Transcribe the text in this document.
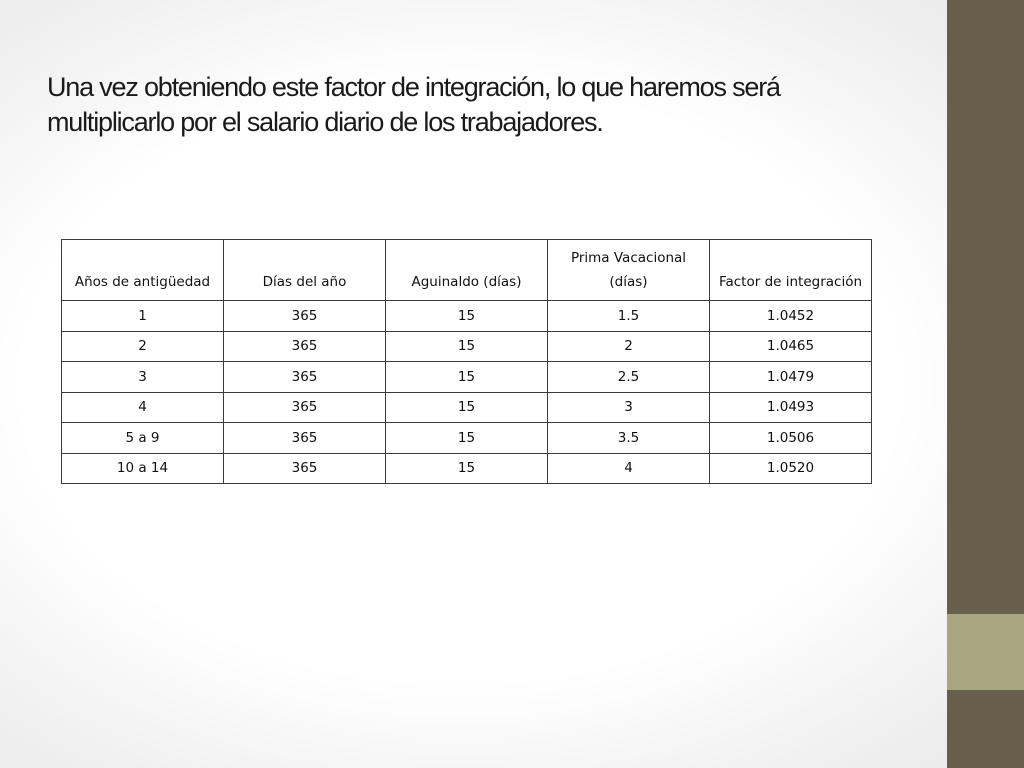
Una vez obteniendo este factor de integración, lo que haremos será multiplicarlo por el salario diario de los trabajadores.
Años de antigüedad	Días del año	Aguinaldo (días)	Prima Vacacional (días)	Factor de integración
1	365	15	1.5	1.0452
2	365	15	2	1.0465
3	365	15	2.5	1.0479
4	365	15	3	1.0493
5 a 9	365	15	3.5	1.0506
10 a 14	365	15	4	1.0520
